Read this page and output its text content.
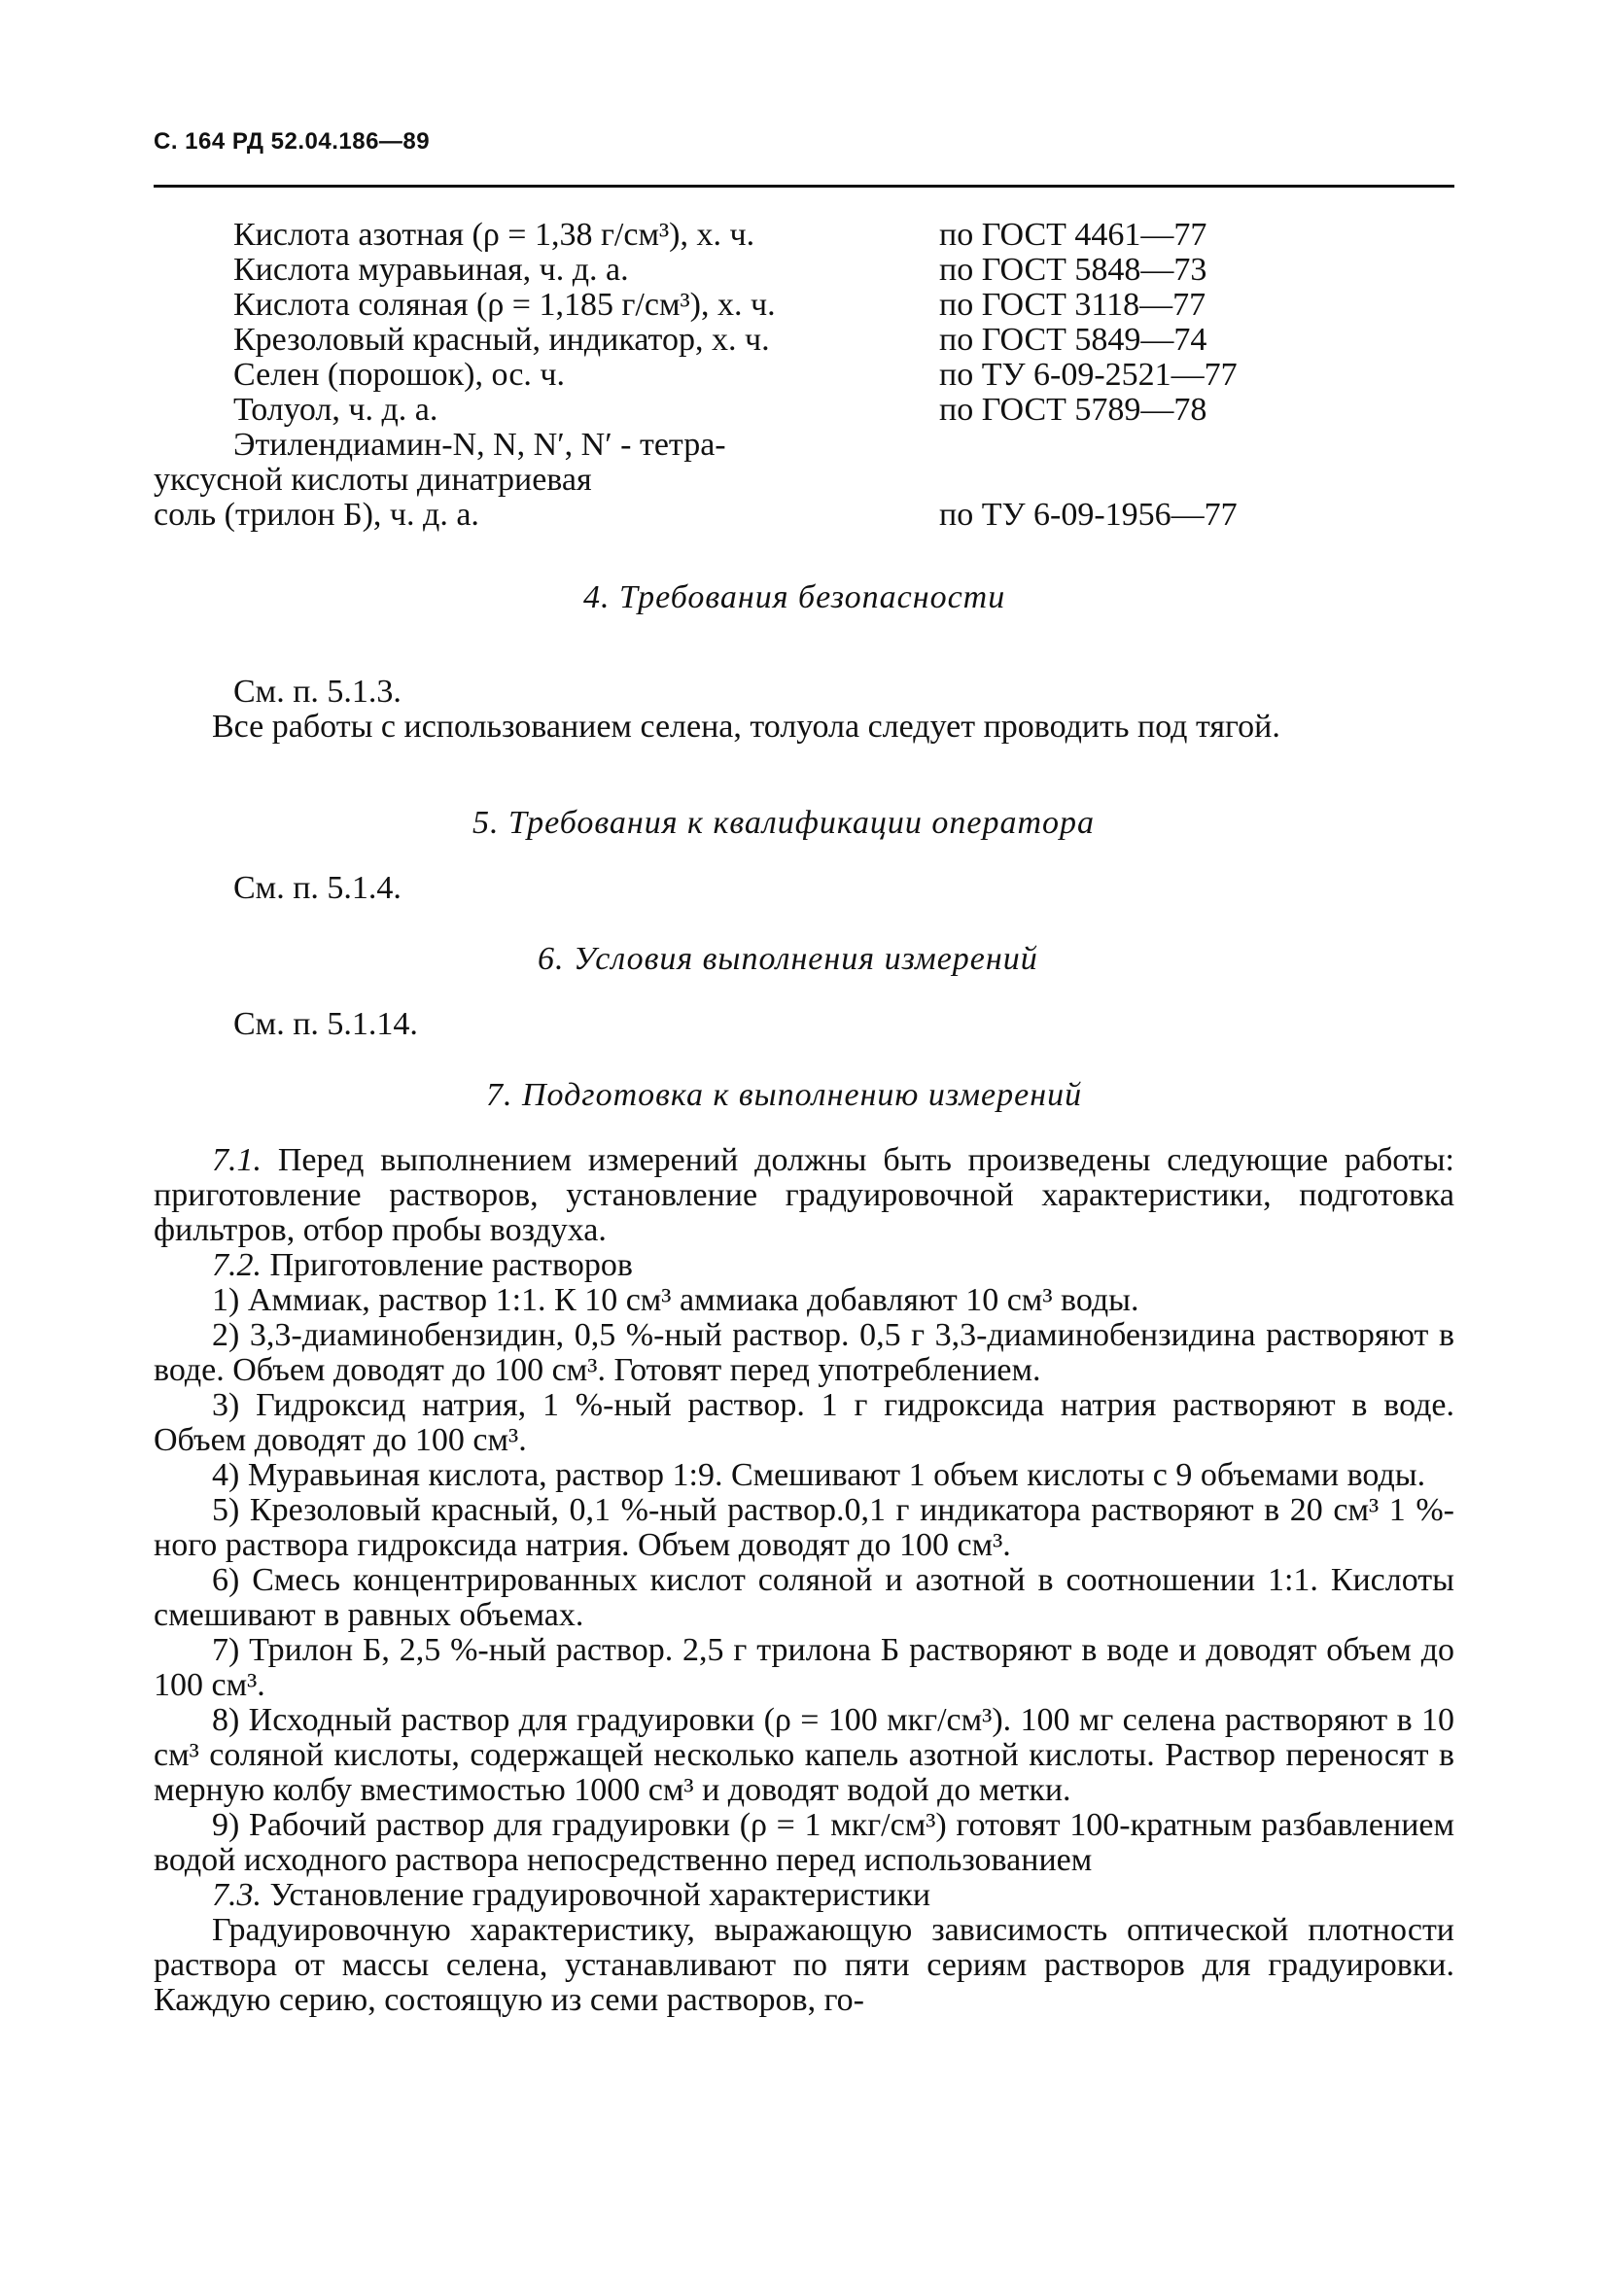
С. 164 РД 52.04.186—89
Кислота азотная (ρ = 1,38 г/см³), х. ч.	по ГОСТ 4461—77
Кислота муравьиная, ч. д. а.	по ГОСТ 5848—73
Кислота соляная (ρ = 1,185 г/см³), х. ч.	по ГОСТ 3118—77
Крезоловый красный, индикатор, х. ч.	по ГОСТ 5849—74
Селен (порошок), ос. ч.	по ТУ 6-09-2521—77
Толуол, ч. д. а.	по ГОСТ 5789—78
Этилендиамин-N, N, N′, N′ - тетра-
уксусной кислоты динатриевая
соль (трилон Б), ч. д. а.	по ТУ 6-09-1956—77
4. Требования безопасности
См. п. 5.1.3.

Все работы с использованием селена, толуола следует проводить под тягой.

5. Требования к квалификации оператора
См. п. 5.1.4.
6. Условия выполнения измерений
См. п. 5.1.14.
7. Подготовка к выполнению измерений

7.1. Перед выполнением измерений должны быть произведены следующие работы: приготовление растворов, установление градуировочной характеристики, подготовка фильтров, отбор пробы воздуха.

7.2. Приготовление растворов

1) Аммиак, раствор 1:1. К 10 см³ аммиака добавляют 10 см³ воды.

2) 3,3-диаминобензидин, 0,5 %-ный раствор. 0,5 г 3,3-диаминобензидина растворяют в воде. Объем доводят до 100 см³. Готовят перед употреблением.

3) Гидроксид натрия, 1 %-ный раствор. 1 г гидроксида натрия растворяют в воде. Объем доводят до 100 см³.

4) Муравьиная кислота, раствор 1:9. Смешивают 1 объем кислоты с 9 объемами воды.

5) Крезоловый красный, 0,1 %-ный раствор.0,1 г индикатора растворяют в 20 см³ 1 %-ного раствора гидроксида натрия. Объем доводят до 100 см³.

6) Смесь концентрированных кислот соляной и азотной в соотношении 1:1. Кислоты смешивают в равных объемах.

7) Трилон Б, 2,5 %-ный раствор. 2,5 г трилона Б растворяют в воде и доводят объем до 100 см³.

8) Исходный раствор для градуировки (ρ = 100 мкг/см³). 100 мг селена растворяют в 10 см³ соляной кислоты, содержащей несколько капель азотной кислоты. Раствор переносят в мерную колбу вместимостью 1000 см³ и доводят водой до метки.

9) Рабочий раствор для градуировки (ρ = 1 мкг/см³) готовят 100-кратным разбавлением водой исходного раствора непосредственно перед использованием

7.3. Установление градуировочной характеристики

Градуировочную характеристику, выражающую зависимость оптической плотности раствора от массы селена, устанавливают по пяти сериям растворов для градуировки. Каждую серию, состоящую из семи растворов, го-
